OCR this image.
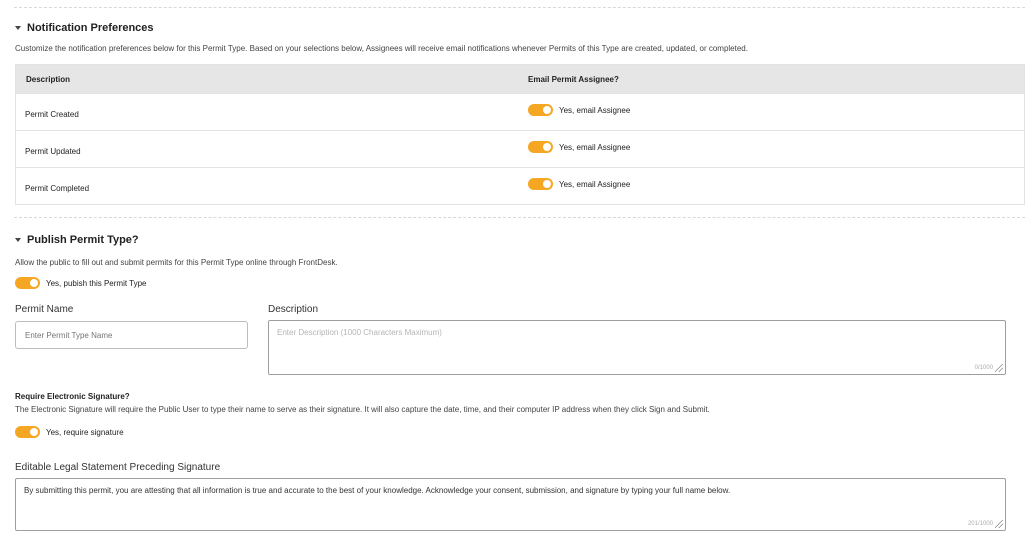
Notification Preferences
Customize the notification preferences below for this Permit Type. Based on your selections below, Assignees will receive email notifications whenever Permits of this Type are created, updated, or completed.
Description	Email Permit Assignee?
Permit Created	Yes, email Assignee
Permit Updated	Yes, email Assignee
Permit Completed	Yes, email Assignee
Publish Permit Type?
Allow the public to fill out and submit permits for this Permit Type online through FrontDesk.
Yes, pubish this Permit Type
Permit Name
Enter Permit Type Name	Description
Enter Description (1000 Characters Maximum)
0/1000
Require Electronic Signature?
The Electronic Signature will require the Public User to type their name to serve as their signature. It will also capture the date, time, and their computer IP address when they click Sign and Submit.
Yes, require signature
Editable Legal Statement Preceding Signature
By submitting this permit, you are attesting that all information is true and accurate to the best of your knowledge. Acknowledge your consent, submission, and signature by typing your full name below.
201/1000
